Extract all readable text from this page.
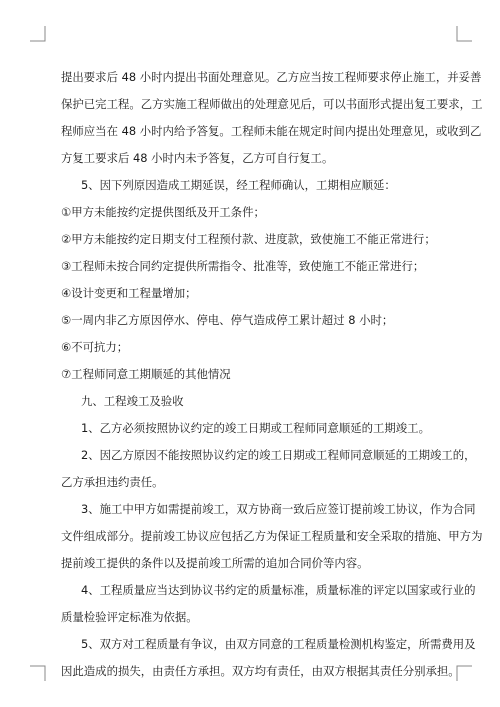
提出要求后 48 小时内提出书面处理意见。乙方应当按工程师要求停止施工，并妥善
保护已完工程。乙方实施工程师做出的处理意见后，可以书面形式提出复工要求，工
程师应当在 48 小时内给予答复。工程师未能在规定时间内提出处理意见，或收到乙
方复工要求后 48 小时内未予答复，乙方可自行复工。
5、因下列原因造成工期延误，经工程师确认，工期相应顺延：
①甲方未能按约定提供图纸及开工条件；
②甲方未能按约定日期支付工程预付款、进度款，致使施工不能正常进行；
③工程师未按合同约定提供所需指令、批准等，致使施工不能正常进行；
④设计变更和工程量增加；
⑤一周内非乙方原因停水、停电、停气造成停工累计超过 8 小时；
⑥不可抗力；
⑦工程师同意工期顺延的其他情况
九、工程竣工及验收
1、乙方必须按照协议约定的竣工日期或工程师同意顺延的工期竣工。
2、因乙方原因不能按照协议约定的竣工日期或工程师同意顺延的工期竣工的，
乙方承担违约责任。
3、施工中甲方如需提前竣工，双方协商一致后应签订提前竣工协议，作为合同
文件组成部分。提前竣工协议应包括乙方为保证工程质量和安全采取的措施、甲方为
提前竣工提供的条件以及提前竣工所需的追加合同价等内容。
4、工程质量应当达到协议书约定的质量标准，质量标准的评定以国家或行业的
质量检验评定标准为依据。
5、双方对工程质量有争议，由双方同意的工程质量检测机构鉴定，所需费用及
因此造成的损失，由责任方承担。双方均有责任，由双方根据其责任分别承担。
